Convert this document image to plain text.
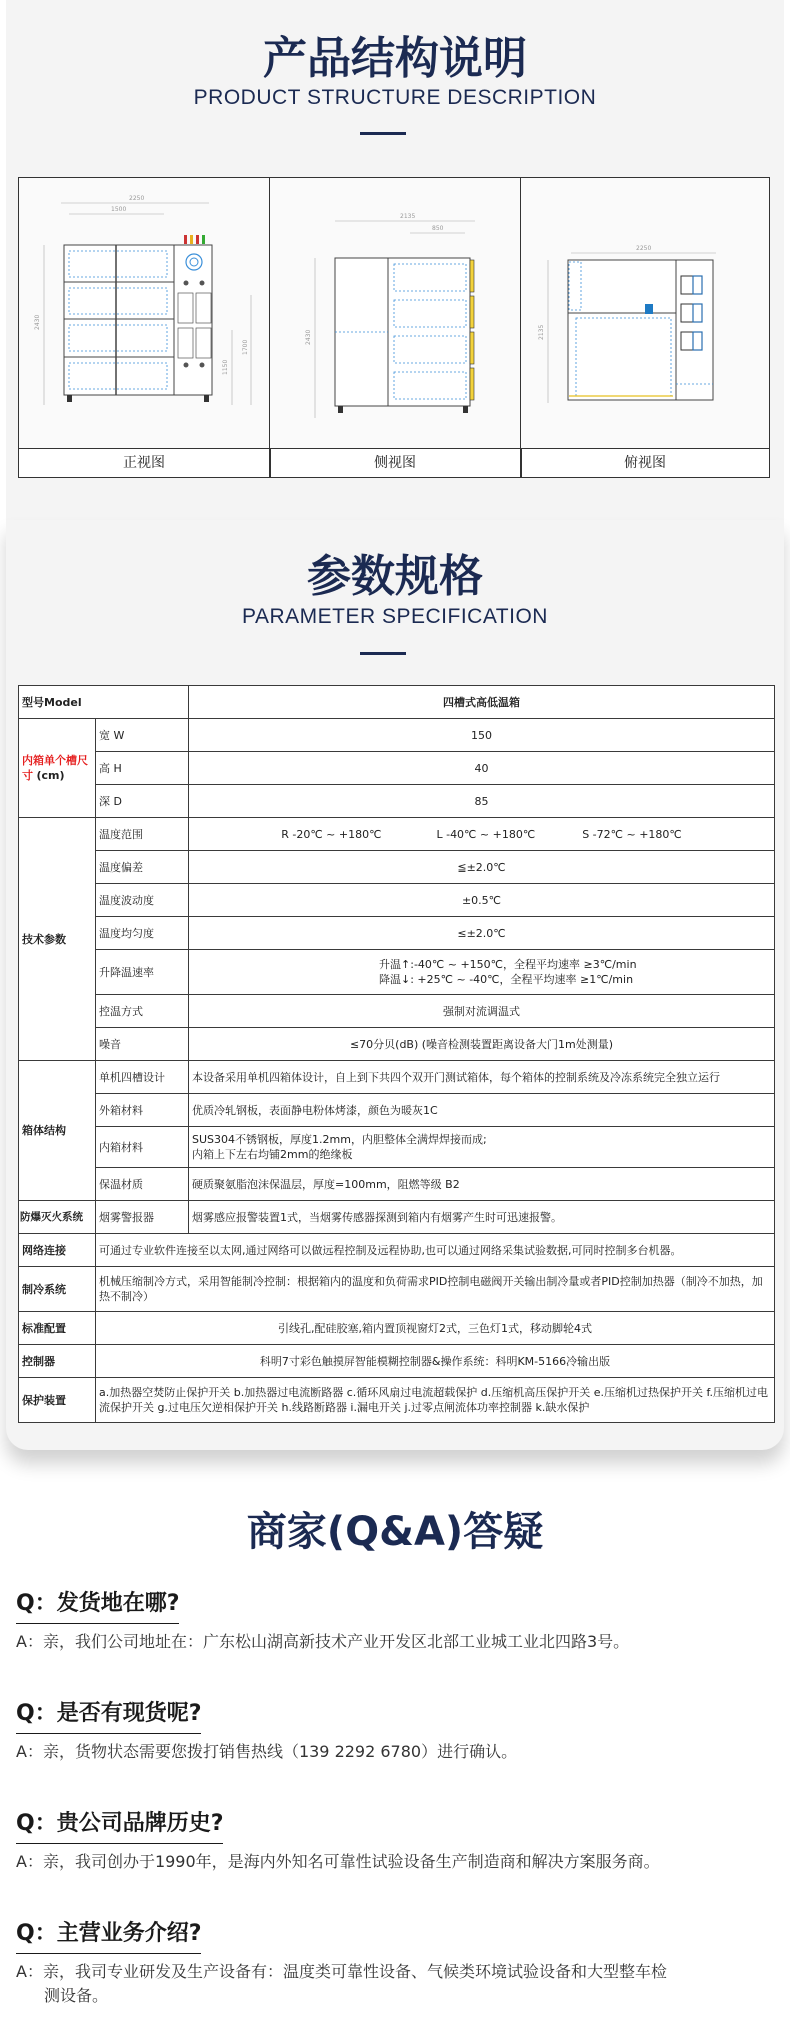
产品结构说明
PRODUCT STRUCTURE DESCRIPTION
2250
1500
2430
1700
1150
正视图
2135
850
2430
侧视图
2250
2135
俯视图
参数规格
PARAMETER SPECIFICATION
型号Model		四槽式高低温箱
内箱单个槽尺寸 (cm)	宽 W	150
	高 H	40
	深 D	85
技术参数	温度范围	R -20℃ ~ +180℃ L -40℃ ~ +180℃ S -72℃ ~ +180℃
	温度偏差	≦±2.0℃
	温度波动度	±0.5℃
	温度均匀度	≤±2.0℃
	升降温速率	升温↑:-40℃ ~ +150℃，全程平均速率 ≥3℃/min
降温↓: +25℃ ~ -40℃，全程平均速率 ≥1℃/min

	控温方式	强制对流调温式
	噪音	≤70分贝(dB) (噪音检测装置距离设备大门1m处测量)
箱体结构	单机四槽设计	本设备采用单机四箱体设计，自上到下共四个双开门测试箱体，每个箱体的控制系统及冷冻系统完全独立运行
	外箱材料	优质冷轧钢板，表面静电粉体烤漆，颜色为暖灰1C
	内箱材料	SUS304不锈钢板，厚度1.2mm，内胆整体全满焊焊接而成;
内箱上下左右均铺2mm的绝缘板

	保温材质	硬质聚氨脂泡沫保温层，厚度=100mm，阻燃等级 B2
防爆灭火系统	烟雾警报器	烟雾感应报警装置1式，当烟雾传感器探测到箱内有烟雾产生时可迅速报警。
网络连接	可通过专业软件连接至以太网,通过网络可以做远程控制及远程协助,也可以通过网络采集试验数据,可同时控制多台机器。	
制冷系统	机械压缩制冷方式，采用智能制冷控制：根据箱内的温度和负荷需求PID控制电磁阀开关输出制冷量或者PID控制加热器（制冷不加热，加热不制冷）	
标准配置	引线孔,配硅胶塞,箱内置顶视窗灯2式，三色灯1式，移动脚轮4式	
控制器	科明7寸彩色触摸屏智能模糊控制器&操作系统：科明KM-5166冷输出版	
保护装置	a.加热器空焚防止保护开关 b.加热器过电流断路器 c.循环风扇过电流超载保护 d.压缩机高压保护开关 e.压缩机过热保护开关 f.压缩机过电流保护开关 g.过电压欠逆相保护开关 h.线路断路器 i.漏电开关 j.过零点闸流体功率控制器 k.缺水保护	
商家(Q&A)答疑
Q：发货地在哪?
A：亲，我们公司地址在：广东松山湖高新技术产业开发区北部工业城工业北四路3号。
Q：是否有现货呢?
A：亲，货物状态需要您拨打销售热线（139 2292 6780）进行确认。
Q：贵公司品牌历史?
A：亲，我司创办于1990年，是海内外知名可靠性试验设备生产制造商和解决方案服务商。
Q：主营业务介绍?
A：亲，我司专业研发及生产设备有：温度类可靠性设备、气候类环境试验设备和大型整车检
测设备。
